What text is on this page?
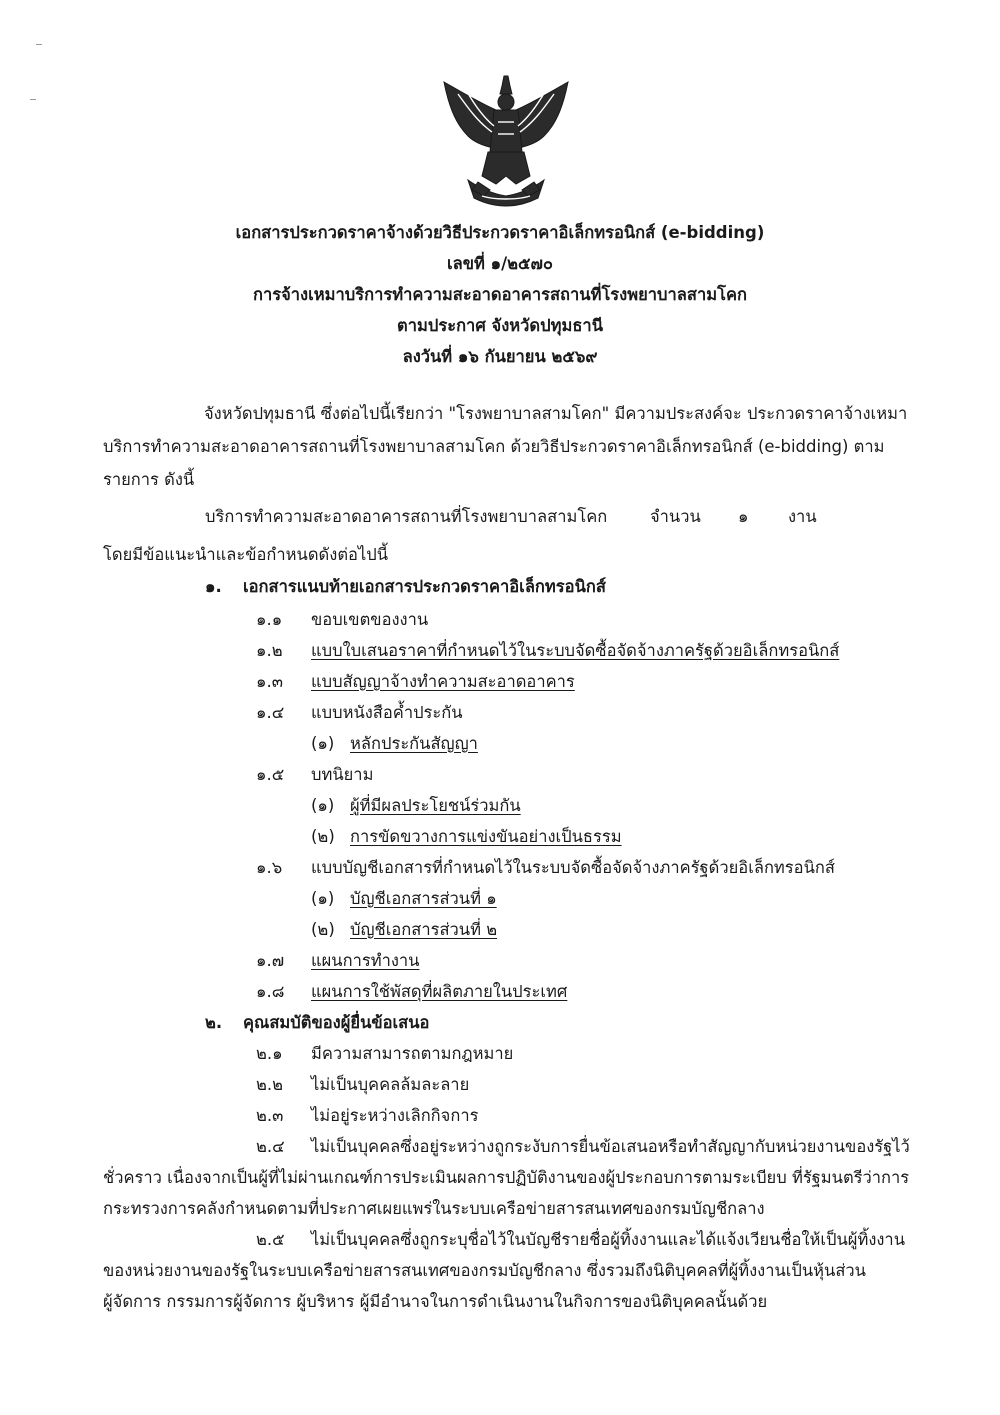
เอกสารประกวดราคาจ้างด้วยวิธีประกวดราคาอิเล็กทรอนิกส์ (e-bidding)
เลขที่ ๑/๒๕๗๐
การจ้างเหมาบริการทำความสะอาดอาคารสถานที่โรงพยาบาลสามโคก
ตามประกาศ จังหวัดปทุมธานี
ลงวันที่ ๑๖ กันยายน ๒๕๖๙
จังหวัดปทุมธานี ซึ่งต่อไปนี้เรียกว่า "โรงพยาบาลสามโคก" มีความประสงค์จะ ประกวดราคาจ้างเหมา
บริการทำความสะอาดอาคารสถานที่โรงพยาบาลสามโคก ด้วยวิธีประกวดราคาอิเล็กทรอนิกส์ (e-bidding) ตาม
รายการ ดังนี้
บริการทำความสะอาดอาคารสถานที่โรงพยาบาลสามโคก	จำนวน ๑ งาน
โดยมีข้อแนะนำและข้อกำหนดดังต่อไปนี้
๑. เอกสารแนบท้ายเอกสารประกวดราคาอิเล็กทรอนิกส์
๑.๑ ขอบเขตของงาน
๑.๒ แบบใบเสนอราคาที่กำหนดไว้ในระบบจัดซื้อจัดจ้างภาครัฐด้วยอิเล็กทรอนิกส์
๑.๓ แบบสัญญาจ้างทำความสะอาดอาคาร
๑.๔ แบบหนังสือค้ำประกัน
(๑) หลักประกันสัญญา
๑.๕ บทนิยาม
(๑) ผู้ที่มีผลประโยชน์ร่วมกัน
(๒) การขัดขวางการแข่งขันอย่างเป็นธรรม
๑.๖ แบบบัญชีเอกสารที่กำหนดไว้ในระบบจัดซื้อจัดจ้างภาครัฐด้วยอิเล็กทรอนิกส์
(๑) บัญชีเอกสารส่วนที่ ๑
(๒) บัญชีเอกสารส่วนที่ ๒
๑.๗ แผนการทำงาน
๑.๘ แผนการใช้พัสดุที่ผลิตภายในประเทศ
๒. คุณสมบัติของผู้ยื่นข้อเสนอ
๒.๑ มีความสามารถตามกฎหมาย
๒.๒ ไม่เป็นบุคคลล้มละลาย
๒.๓ ไม่อยู่ระหว่างเลิกกิจการ
๒.๔ ไม่เป็นบุคคลซึ่งอยู่ระหว่างถูกระงับการยื่นข้อเสนอหรือทำสัญญากับหน่วยงานของรัฐไว้
ชั่วคราว เนื่องจากเป็นผู้ที่ไม่ผ่านเกณฑ์การประเมินผลการปฏิบัติงานของผู้ประกอบการตามระเบียบ ที่รัฐมนตรีว่าการ
กระทรวงการคลังกำหนดตามที่ประกาศเผยแพร่ในระบบเครือข่ายสารสนเทศของกรมบัญชีกลาง
๒.๕ ไม่เป็นบุคคลซึ่งถูกระบุชื่อไว้ในบัญชีรายชื่อผู้ทิ้งงานและได้แจ้งเวียนชื่อให้เป็นผู้ทิ้งงาน
ของหน่วยงานของรัฐในระบบเครือข่ายสารสนเทศของกรมบัญชีกลาง ซึ่งรวมถึงนิติบุคคลที่ผู้ทิ้งงานเป็นหุ้นส่วน
ผู้จัดการ กรรมการผู้จัดการ ผู้บริหาร ผู้มีอำนาจในการดำเนินงานในกิจการของนิติบุคคลนั้นด้วย
